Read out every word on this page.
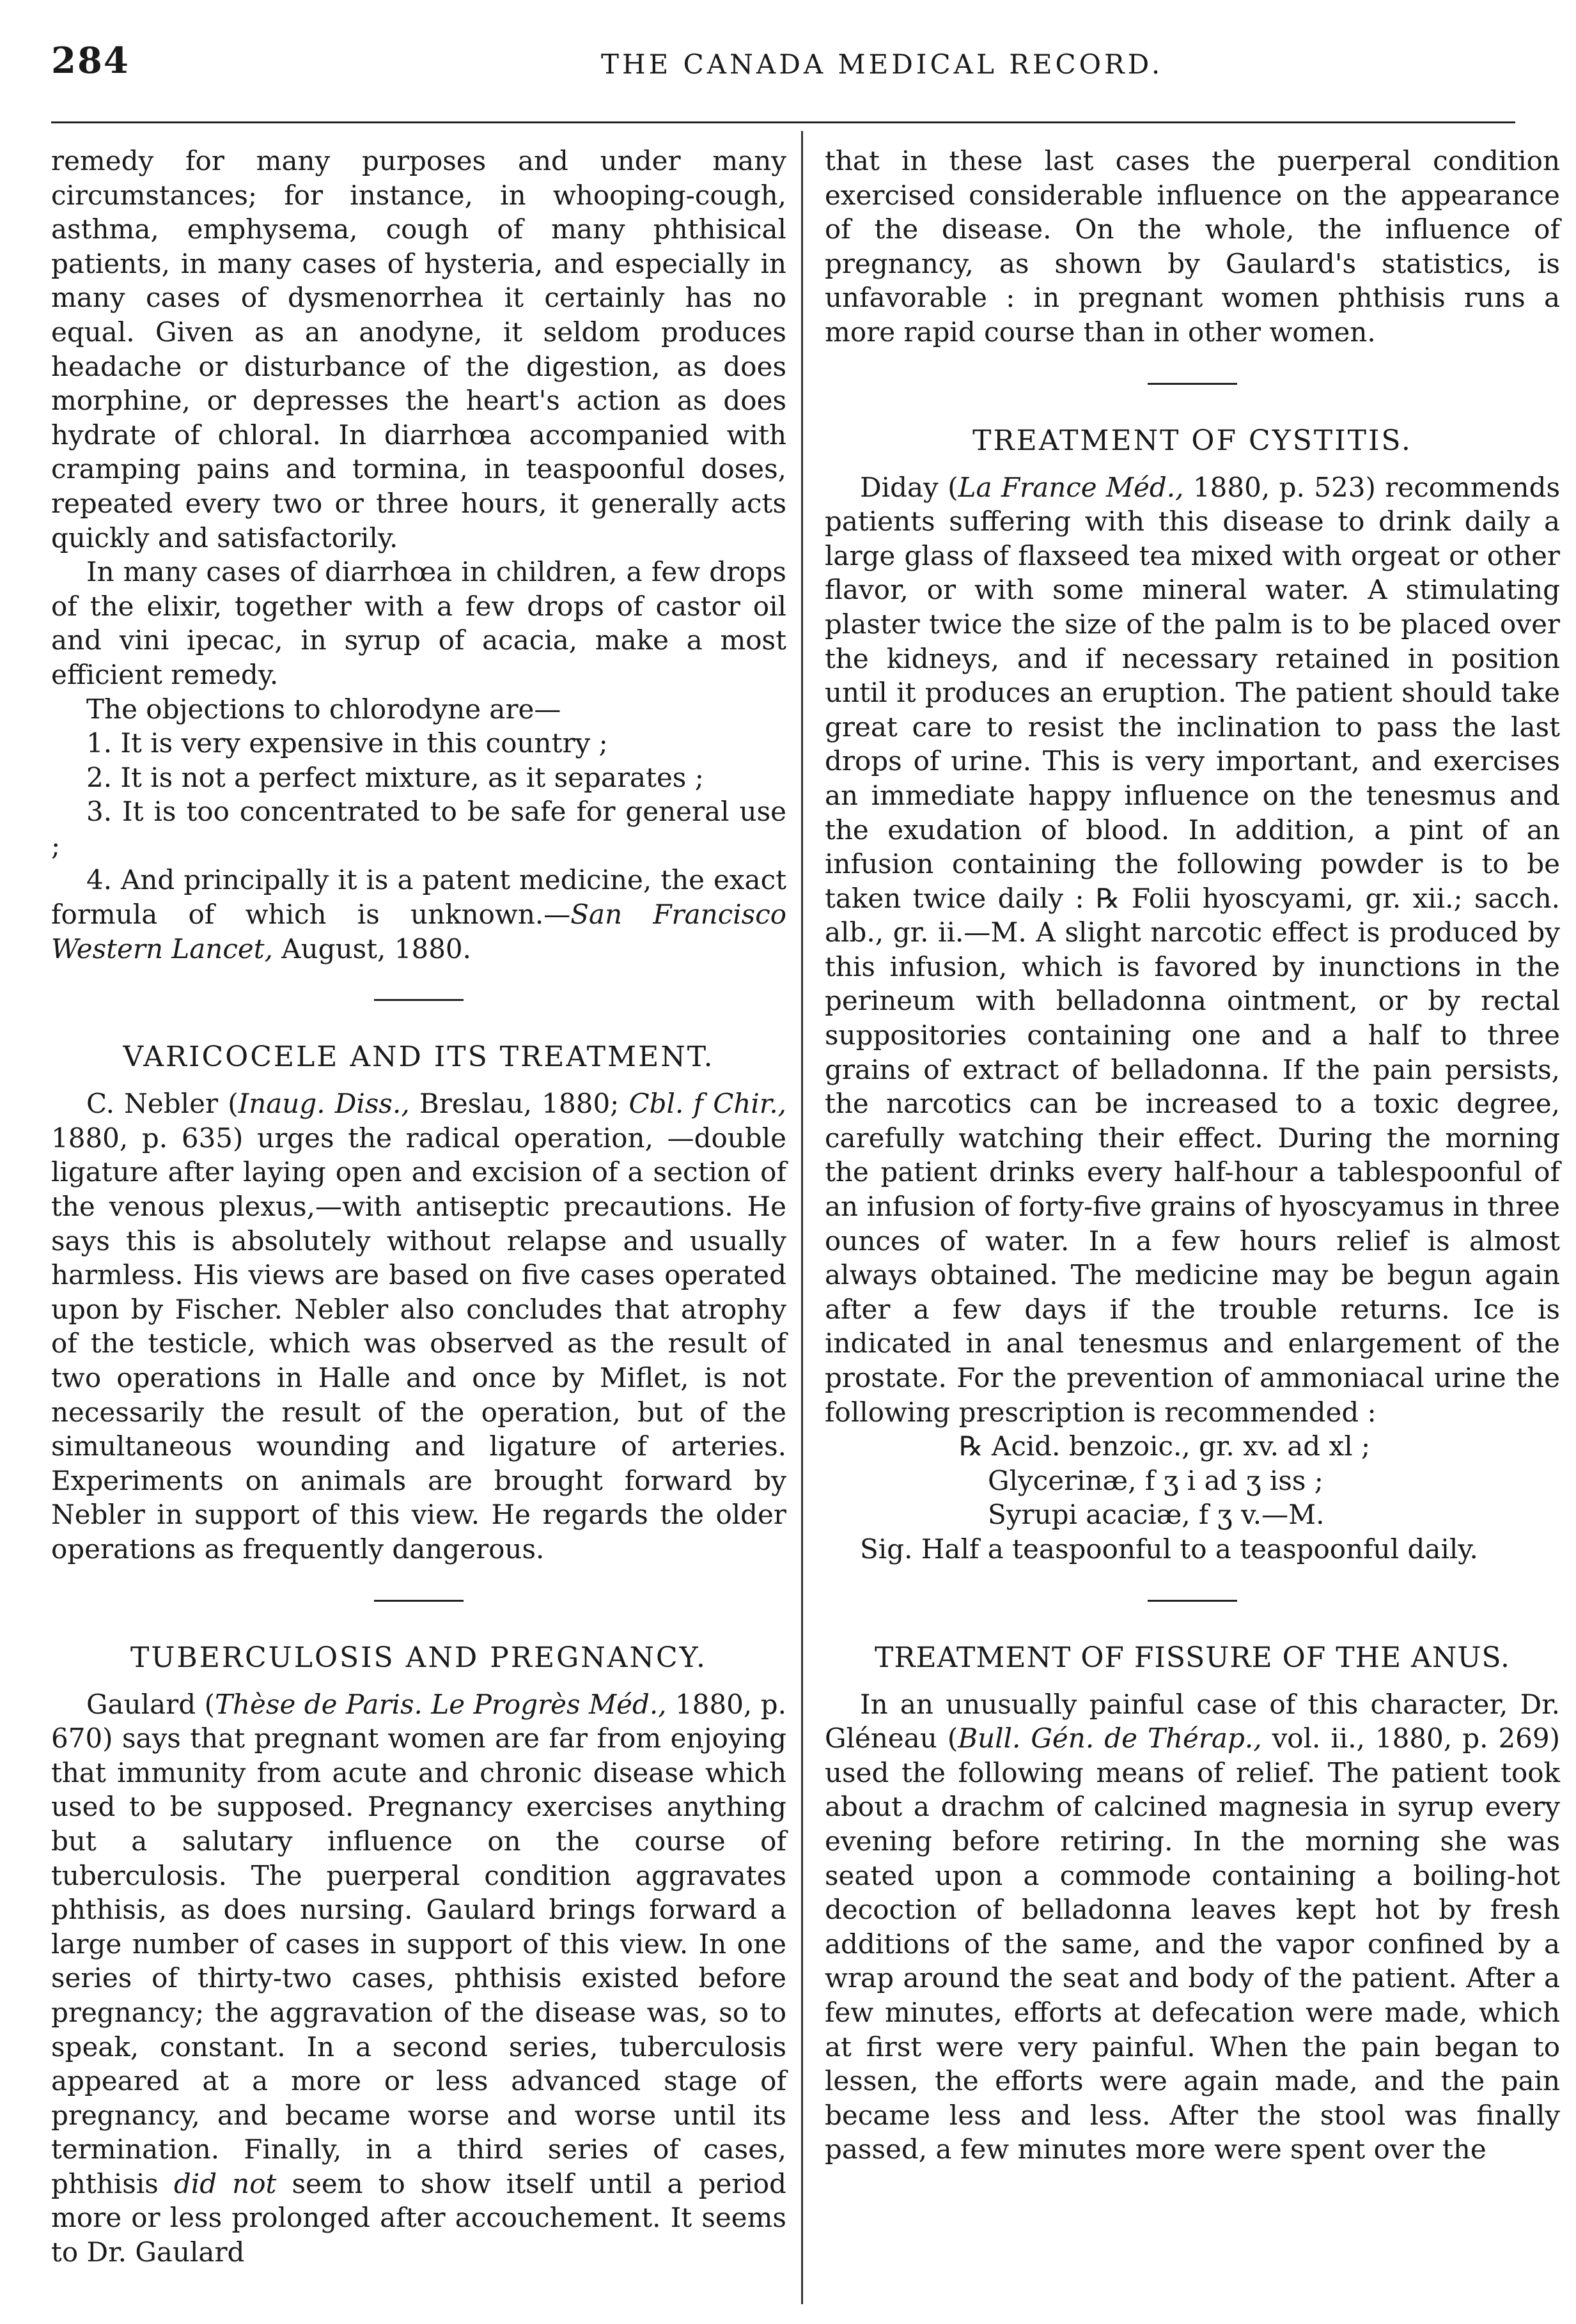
284	THE CANADA MEDICAL RECORD.

remedy for many purposes and under many circumstances; for instance, in whooping-cough, asthma, emphysema, cough of many phthisical patients, in many cases of hysteria, and especially in many cases of dysmenorrhea it certainly has no equal. Given as an anodyne, it seldom produces headache or disturbance of the digestion, as does morphine, or depresses the heart's action as does hydrate of chloral. In diarrhœa accompanied with cramping pains and tormina, in teaspoonful doses, repeated every two or three hours, it generally acts quickly and satisfactorily.

In many cases of diarrhœa in children, a few drops of the elixir, together with a few drops of castor oil and vini ipecac, in syrup of acacia, make a most efficient remedy.

The objections to chlorodyne are—

1. It is very expensive in this country ;

2. It is not a perfect mixture, as it separates ;

3. It is too concentrated to be safe for general use ;

4. And principally it is a patent medicine, the exact formula of which is unknown.—San Francisco Western Lancet, August, 1880.

VARICOCELE AND ITS TREATMENT.

C. Nebler (Inaug. Diss., Breslau, 1880; Cbl. f Chir., 1880, p. 635) urges the radical operation, —double ligature after laying open and excision of a section of the venous plexus,—with antiseptic precautions. He says this is absolutely without relapse and usually harmless. His views are based on five cases operated upon by Fischer. Nebler also concludes that atrophy of the testicle, which was observed as the result of two operations in Halle and once by Miflet, is not necessarily the result of the operation, but of the simultaneous wounding and ligature of arteries. Experiments on animals are brought forward by Nebler in support of this view. He regards the older operations as frequently dangerous.

TUBERCULOSIS AND PREGNANCY.

Gaulard (Thèse de Paris. Le Progrès Méd., 1880, p. 670) says that pregnant women are far from enjoying that immunity from acute and chronic disease which used to be supposed. Pregnancy exercises anything but a salutary influence on the course of tuberculosis. The puerperal condition aggravates phthisis, as does nursing. Gaulard brings forward a large number of cases in support of this view. In one series of thirty-two cases, phthisis existed before pregnancy; the aggravation of the disease was, so to speak, constant. In a second series, tuberculosis appeared at a more or less advanced stage of pregnancy, and became worse and worse until its termination. Finally, in a third series of cases, phthisis did not seem to show itself until a period more or less prolonged after accouchement. It seems to Dr. Gaulard

that in these last cases the puerperal condition exercised considerable influence on the appearance of the disease. On the whole, the influence of pregnancy, as shown by Gaulard's statistics, is unfavorable : in pregnant women phthisis runs a more rapid course than in other women.

TREATMENT OF CYSTITIS.

Diday (La France Méd., 1880, p. 523) recommends patients suffering with this disease to drink daily a large glass of flaxseed tea mixed with orgeat or other flavor, or with some mineral water. A stimulating plaster twice the size of the palm is to be placed over the kidneys, and if necessary retained in position until it produces an eruption. The patient should take great care to resist the inclination to pass the last drops of urine. This is very important, and exercises an immediate happy influence on the tenesmus and the exudation of blood. In addition, a pint of an infusion containing the following powder is to be taken twice daily : ℞ Folii hyoscyami, gr. xii.; sacch. alb., gr. ii.—M. A slight narcotic effect is produced by this infusion, which is favored by inunctions in the perineum with belladonna ointment, or by rectal suppositories containing one and a half to three grains of extract of belladonna. If the pain persists, the narcotics can be increased to a toxic degree, carefully watching their effect. During the morning the patient drinks every half-hour a tablespoonful of an infusion of forty-five grains of hyoscyamus in three ounces of water. In a few hours relief is almost always obtained. The medicine may be begun again after a few days if the trouble returns. Ice is indicated in anal tenesmus and enlargement of the prostate. For the prevention of ammoniacal urine the following prescription is recommended :

℞ Acid. benzoic., gr. xv. ad xl ;

Glycerinæ, f ʒ i ad ʒ iss ;

Syrupi acaciæ, f ʒ v.—M.

Sig. Half a teaspoonful to a teaspoonful daily.

TREATMENT OF FISSURE OF THE ANUS.

In an unusually painful case of this character, Dr. Gléneau (Bull. Gén. de Thérap., vol. ii., 1880, p. 269) used the following means of relief. The patient took about a drachm of calcined magnesia in syrup every evening before retiring. In the morning she was seated upon a commode containing a boiling-hot decoction of belladonna leaves kept hot by fresh additions of the same, and the vapor confined by a wrap around the seat and body of the patient. After a few minutes, efforts at defecation were made, which at first were very painful. When the pain began to lessen, the efforts were again made, and the pain became less and less. After the stool was finally passed, a few minutes more were spent over the
